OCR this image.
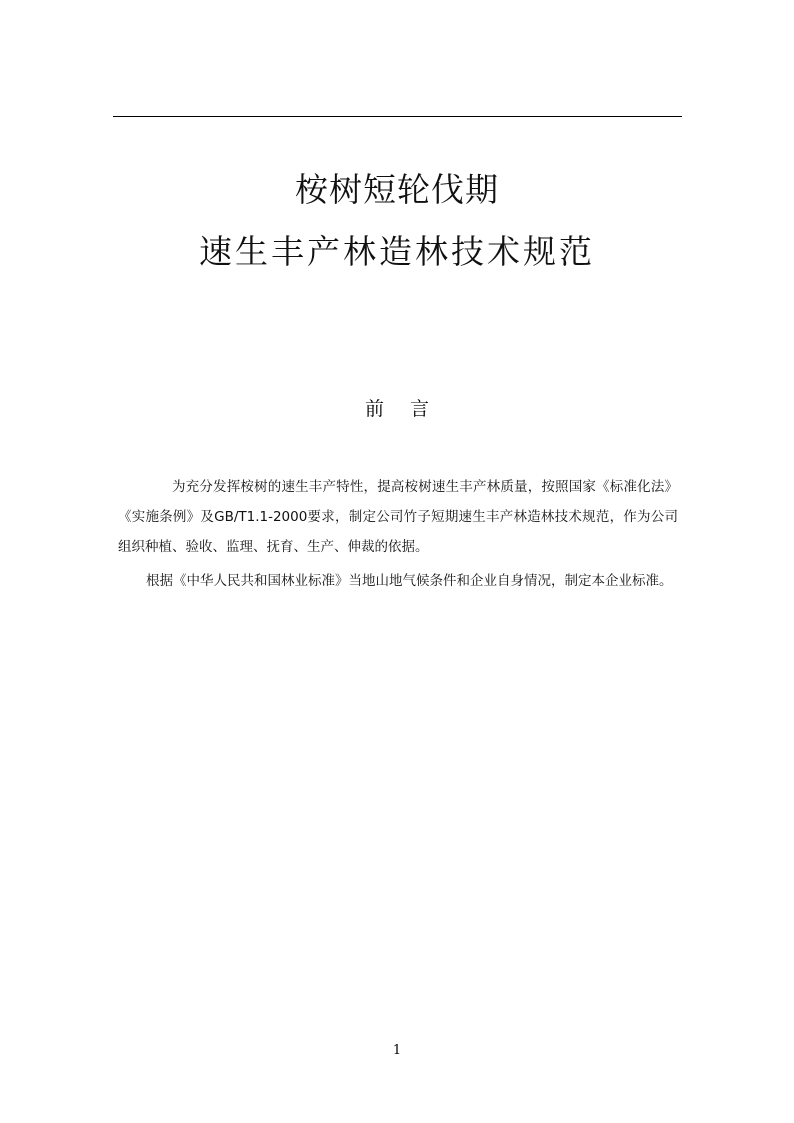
桉树短轮伐期
速生丰产林造林技术规范
前 言
为充分发挥桉树的速生丰产特性，提高桉树速生丰产林质量，按照国家《标准化法》《实施条例》及GB/T1.1-2000要求，制定公司竹子短期速生丰产林造林技术规范，作为公司组织种植、验收、监理、抚育、生产、伸裁的依据。
根据《中华人民共和国林业标准》当地山地气候条件和企业自身情况，制定本企业标准。
1
